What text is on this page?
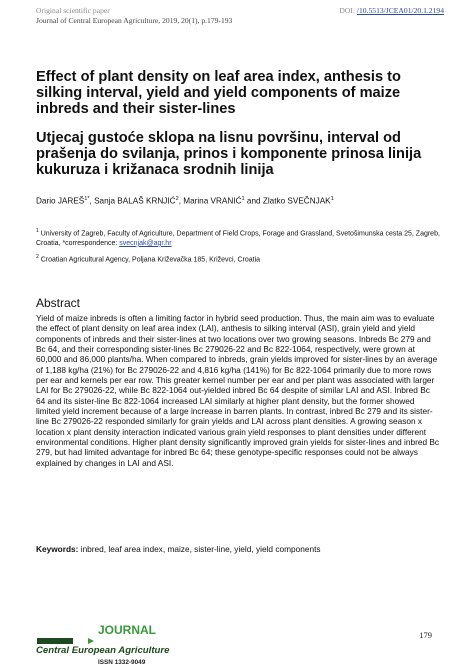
Original scientific paper
Journal of Central European Agriculture, 2019, 20(1), p.179-193
DOI: /10.5513/JCEA01/20.1.2194
Effect of plant density on leaf area index, anthesis to silking interval, yield and yield components of maize inbreds and their sister-lines
Utjecaj gustoće sklopa na lisnu površinu, interval od prašenja do svilanja, prinos i komponente prinosa linija kukuruza i križanaca srodnih linija
Dario $JAREŠ^{1*}$, Sanja BALAŠ KRNJIĆ$^2$, Marina VRANIĆ$^1$ and Zlatko SVEČNJAK$^1$
$^1$ University of Zagreb, Faculty of Agriculture, Department of Field Crops, Forage and Grassland, Svetošimunska cesta 25, Zagreb, Croatia, *correspondence: svecnjak@agr.hr
$^2$ Croatian Agricultural Agency, Poljana Križevačka 185, Križevci, Croatia
Abstract
Yield of maize inbreds is often a limiting factor in hybrid seed production. Thus, the main aim was to evaluate the effect of plant density on leaf area index (LAI), anthesis to silking interval (ASI), grain yield and yield components of inbreds and their sister-lines at two locations over two growing seasons. Inbreds Bc 279 and Bc 64, and their corresponding sister-lines Bc 279026-22 and Bc 822-1064, respectively, were grown at 60,000 and 86,000 plants/ha. When compared to inbreds, grain yields improved for sister-lines by an average of 1,188 kg/ha (21%) for Bc 279026-22 and 4,816 kg/ha (141%) for Bc 822-1064 primarily due to more rows per ear and kernels per ear row. This greater kernel number per ear and per plant was associated with larger LAI for Bc 279026-22, while Bc 822-1064 out-yielded inbred Bc 64 despite of similar LAI and ASI. Inbred Bc 64 and its sister-line Bc 822-1064 increased LAI similarly at higher plant density, but the former showed limited yield increment because of a large increase in barren plants. In contrast, inbred Bc 279 and its sister-line Bc 279026-22 responded similarly for grain yields and LAI across plant densities. A growing season x location x plant density interaction indicated various grain yield responses to plant densities under different environmental conditions. Higher plant density significantly improved grain yields for sister-lines and inbred Bc 279, but had limited advantage for inbred Bc 64; these genotype-specific responses could not be always explained by changes in LAI and ASI.
Keywords: inbred, leaf area index, maize, sister-line, yield, yield components
JOURNAL
Central European Agriculture
ISSN 1332-9049
179
